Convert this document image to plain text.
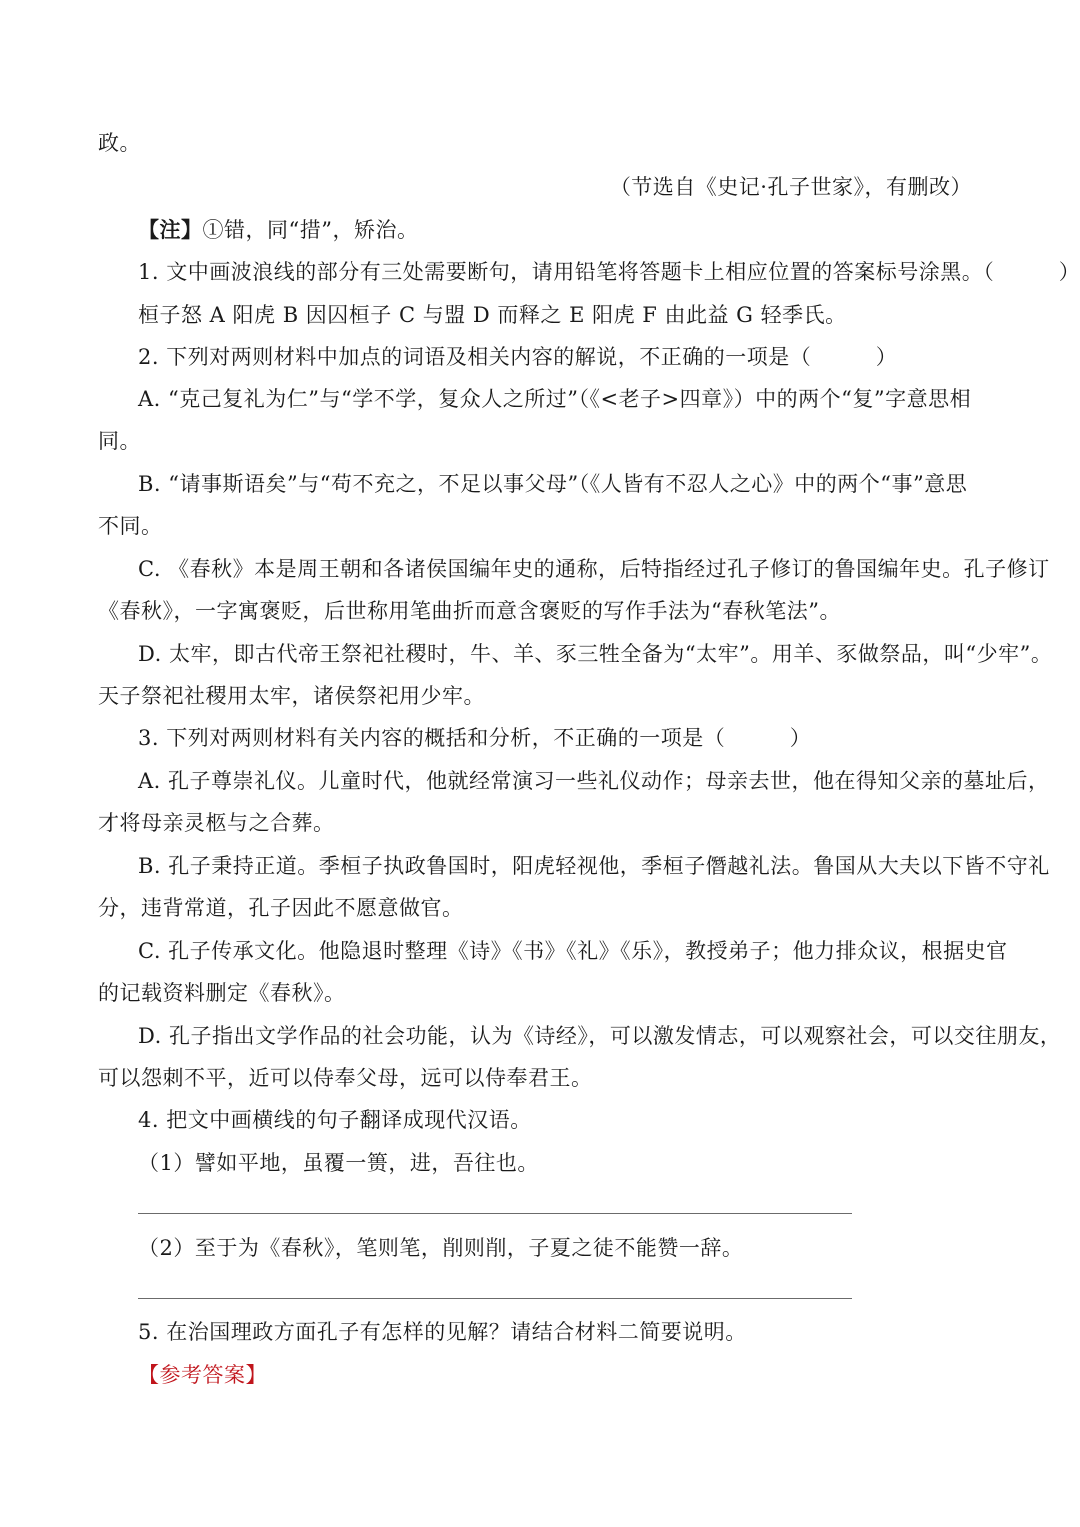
政。
（节选自《史记·孔子世家》，有删改）
【注】①错，同“措”，矫治。
1. 文中画波浪线的部分有三处需要断句，请用铅笔将答题卡上相应位置的答案标号涂黑。（　　　）
桓子怒 A 阳虎 B 因囚桓子 C 与盟 D 而释之 E 阳虎 F 由此益 G 轻季氏。
2. 下列对两则材料中加点的词语及相关内容的解说，不正确的一项是（　　　）
A. “克己复礼为仁”与“学不学，复众人之所过”（《<老子>四章》）中的两个“复”字意思相
同。
B. “请事斯语矣”与“苟不充之，不足以事父母”（《人皆有不忍人之心》中的两个“事”意思
不同。
C. 《春秋》本是周王朝和各诸侯国编年史的通称，后特指经过孔子修订的鲁国编年史。孔子修订
《春秋》，一字寓褒贬，后世称用笔曲折而意含褒贬的写作手法为“春秋笔法”。
D. 太牢，即古代帝王祭祀社稷时，牛、羊、豕三牲全备为“太牢”。用羊、豕做祭品，叫“少牢”。
天子祭祀社稷用太牢，诸侯祭祀用少牢。
3. 下列对两则材料有关内容的概括和分析，不正确的一项是（　　　）
A. 孔子尊崇礼仪。儿童时代，他就经常演习一些礼仪动作；母亲去世，他在得知父亲的墓址后，
才将母亲灵柩与之合葬。
B. 孔子秉持正道。季桓子执政鲁国时，阳虎轻视他，季桓子僭越礼法。鲁国从大夫以下皆不守礼
分，违背常道，孔子因此不愿意做官。
C. 孔子传承文化。他隐退时整理《诗》《书》《礼》《乐》，教授弟子；他力排众议，根据史官
的记载资料删定《春秋》。
D. 孔子指出文学作品的社会功能，认为《诗经》，可以激发情志，可以观察社会，可以交往朋友，
可以怨刺不平，近可以侍奉父母，远可以侍奉君王。
4. 把文中画横线的句子翻译成现代汉语。
（1）譬如平地，虽覆一篑，进，吾往也。
（2）至于为《春秋》，笔则笔，削则削，子夏之徒不能赞一辞。
5. 在治国理政方面孔子有怎样的见解？请结合材料二简要说明。
【参考答案】
